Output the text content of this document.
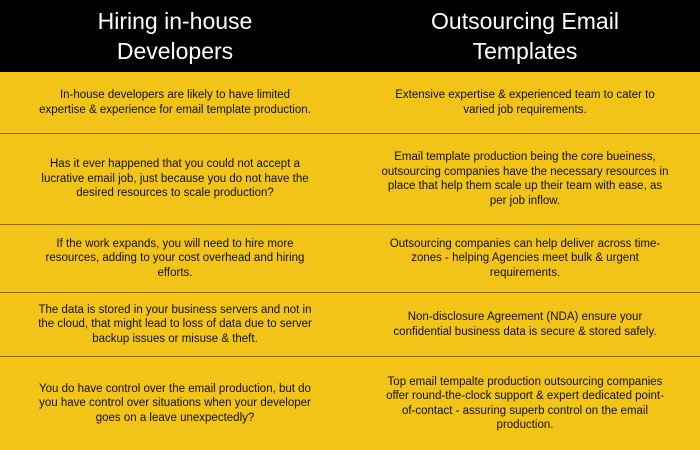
Hiring in-house Developers
Outsourcing Email Templates
In-house developers are likely to have limited expertise & experience for email template production.
Extensive expertise & experienced team to cater to varied job requirements.
Has it ever happened that you could not accept a lucrative email job, just because you do not have the desired resources to scale production?
Email template production being the core bueiness, outsourcing companies have the necessary resources in place that help them scale up their team with ease, as per job inflow.
If the work expands, you will need to hire more resources, adding to your cost overhead and hiring efforts.
Outsourcing companies can help deliver across time-zones - helping Agencies meet bulk & urgent requirements.
The data is stored in your business servers and not in the cloud, that might lead to loss of data due to server backup issues or misuse & theft.
Non-disclosure Agreement (NDA) ensure your confidential business data is secure & stored safely.
You do have control over the email production, but do you have control over situations when your developer goes on a leave unexpectedly?
Top email tempalte production outsourcing companies offer round-the-clock support & expert dedicated point-of-contact - assuring superb control on the email production.
